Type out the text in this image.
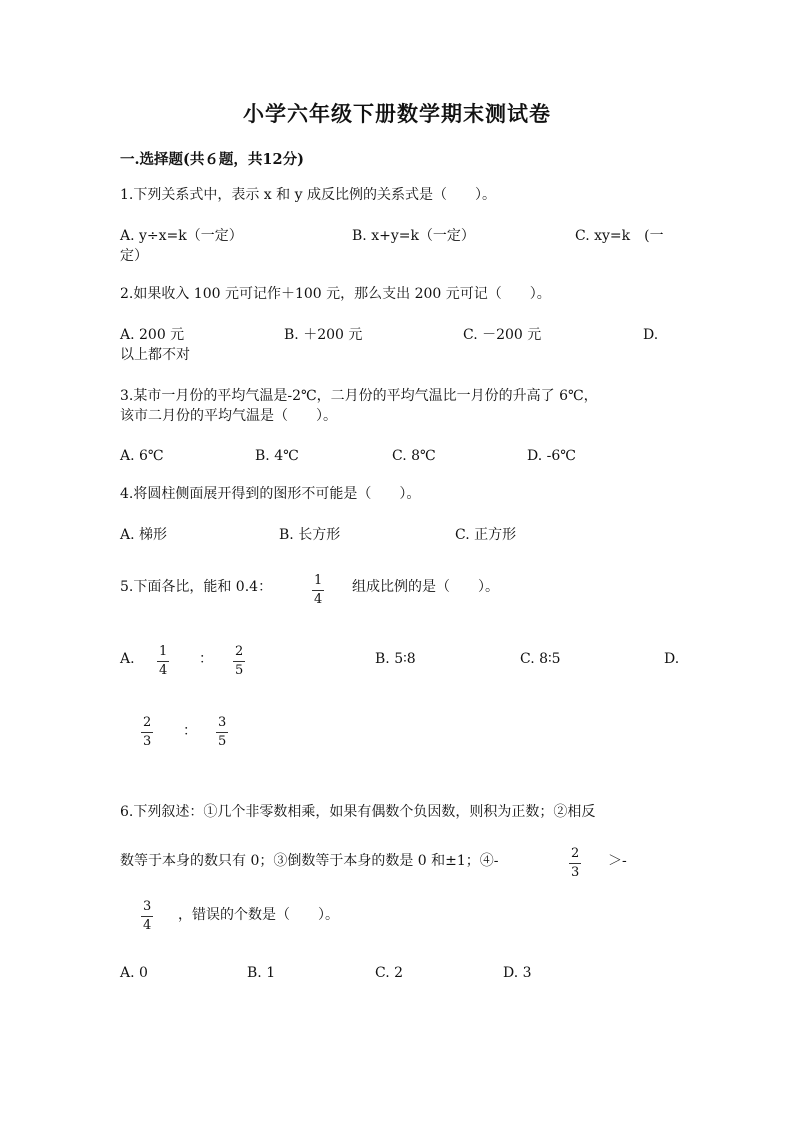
小学六年级下册数学期末测试卷
一.选择题(共６题，共12分)
1.下列关系式中，表示 x 和 y 成反比例的关系式是（　　）。
A. y÷x=k（一定）	B. x+y=k（一定）	C. xy=k　(一
定）
2.如果收入 100 元可记作＋100 元，那么支出 200 元可记（　　）。
A. 200 元	B. ＋200 元	C. －200 元	D.
以上都不对
3.某市一月份的平均气温是-2℃，二月份的平均气温比一月份的升高了 6℃，
该市二月份的平均气温是（　　）。
A. 6℃	B. 4℃	C. 8℃	D. -6℃
4.将圆柱侧面展开得到的图形不可能是（　　）。
A. 梯形	B. 长方形	C. 正方形
5.下面各比，能和 0.4：	1
4
组成比例的是（　　）。
A. 1
4
： 2
5
B. 5∶8	C. 8∶5	D.
2
3
：
3
5
6.下列叙述：①几个非零数相乘，如果有偶数个负因数，则积为正数；②相反
数等于本身的数只有 0；③倒数等于本身的数是 0 和±1；④-	2
3
＞-
3
4
，错误的个数是（　　）。
A. 0	B. 1	C. 2	D. 3
